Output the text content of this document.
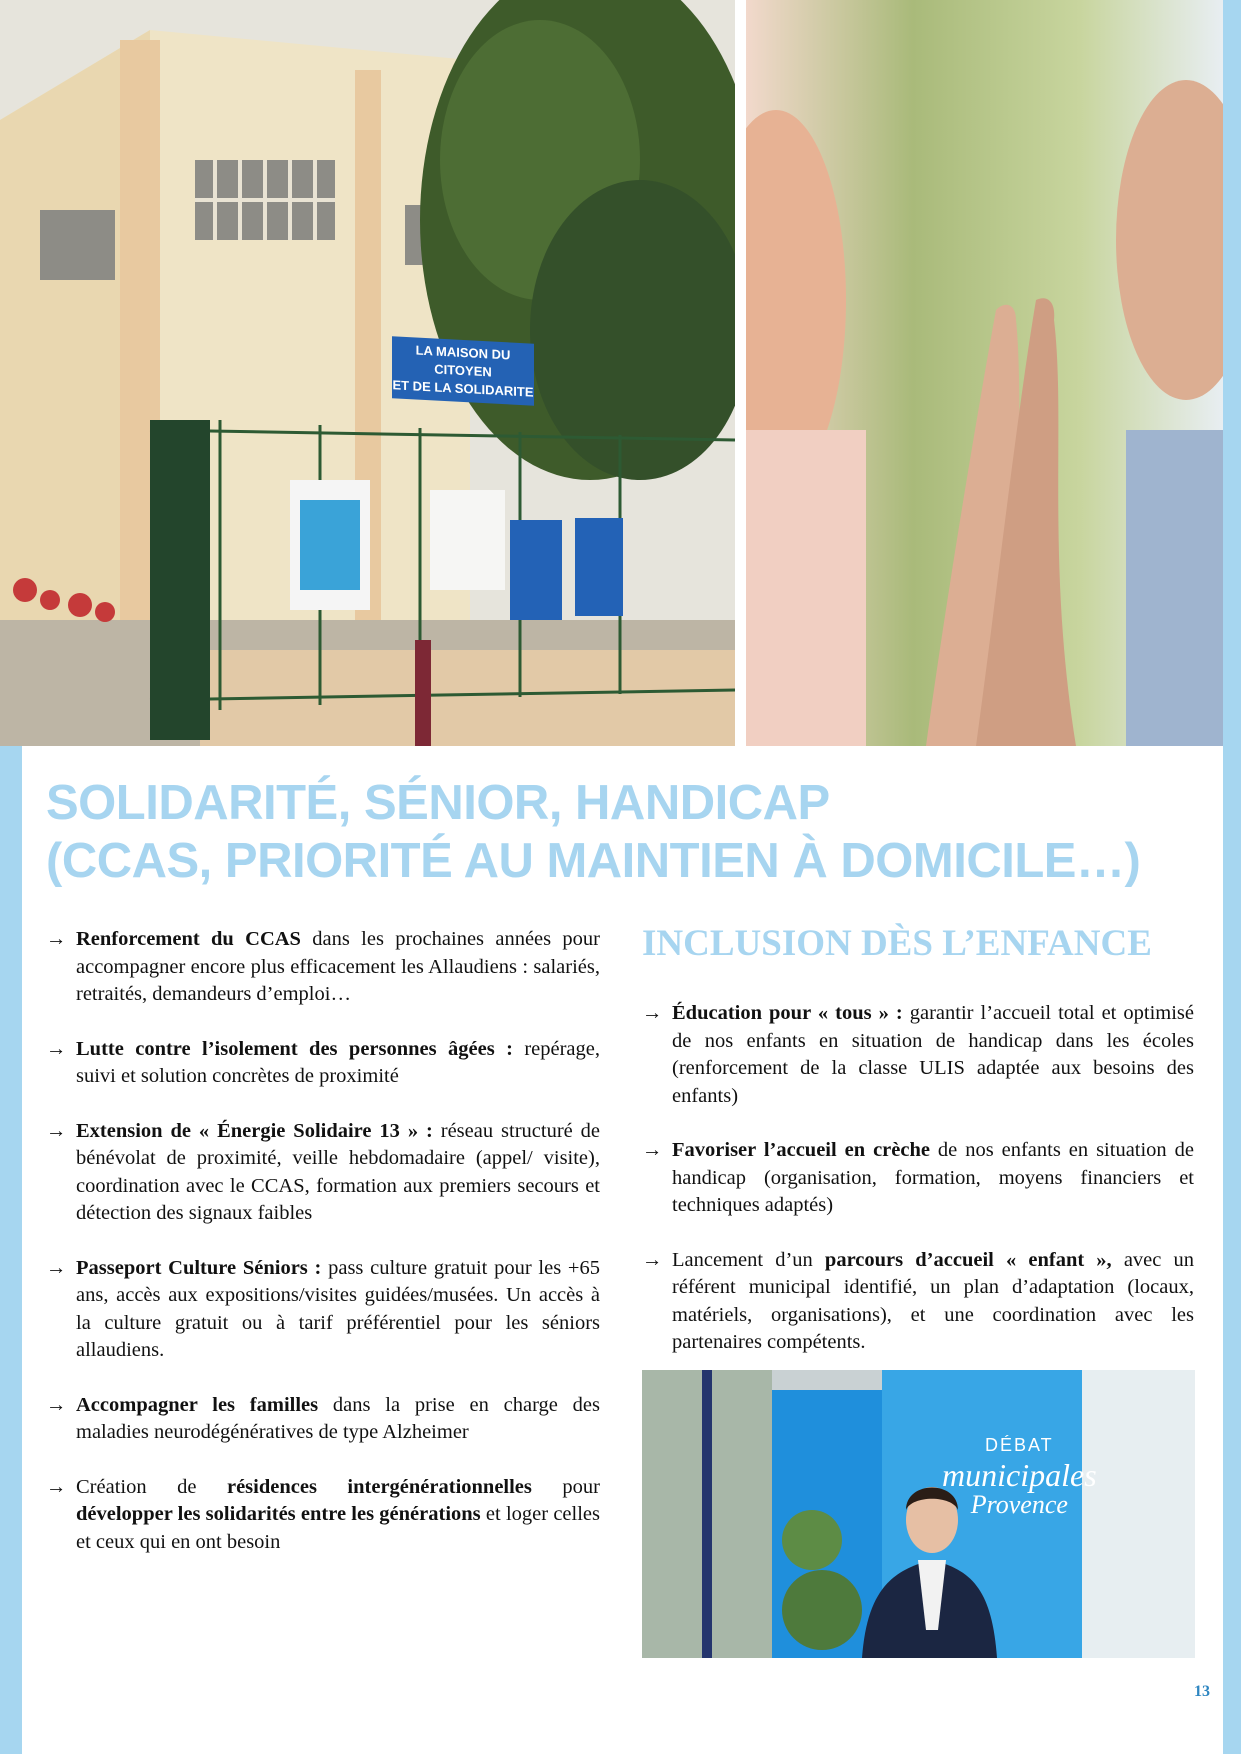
LA MAISON DU CITOYEN
ET DE LA SOLIDARITE
SOLIDARITÉ, SÉNIOR, HANDICAP
(CCAS, PRIORITÉ AU MAINTIEN À DOMICILE…)
→ Renforcement du CCAS dans les prochaines années pour accompagner encore plus efficacement les Allaudiens : salariés, retraités, demandeurs d’emploi…
→ Lutte contre l’isolement des personnes âgées : repérage, suivi et solution concrètes de proximité
→ Extension de « Énergie Solidaire 13 » : réseau structuré de bénévolat de proximité, veille hebdomadaire (appel/ visite), coordination avec le CCAS, formation aux premiers secours et détection des signaux faibles
→ Passeport Culture Séniors : pass culture gratuit pour les +65 ans, accès aux expositions/visites guidées/musées. Un accès à la culture gratuit ou à tarif préférentiel pour les séniors allaudiens.
→ Accompagner les familles dans la prise en charge des maladies neurodégénératives de type Alzheimer
→ Création de résidences intergénérationnelles pour développer les solidarités entre les générations et loger celles et ceux qui en ont besoin
INCLUSION DÈS L’ENFANCE
→ Éducation pour « tous » : garantir l’accueil total et optimisé de nos enfants en situation de handicap dans les écoles (renforcement de la classe ULIS adaptée aux besoins des enfants)
→ Favoriser l’accueil en crèche de nos enfants en situation de handicap (organisation, formation, moyens financiers et techniques adaptés)
→ Lancement d’un parcours d’accueil « enfant », avec un référent municipal identifié, un plan d’adaptation (locaux, matériels, organisations), et une coordination avec les partenaires compétents.
DÉBAT
municipales
Provence
13
